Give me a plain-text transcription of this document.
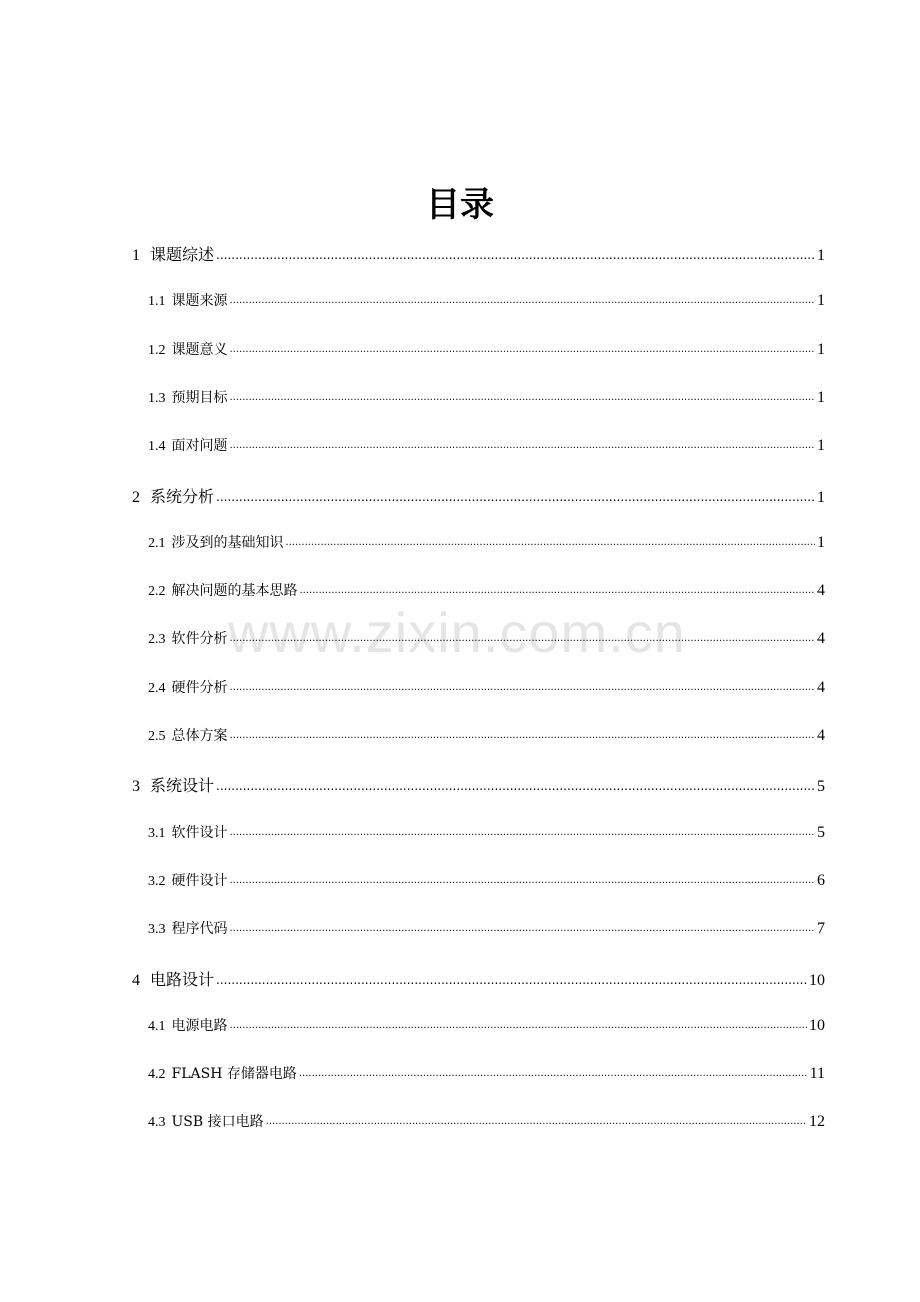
目录
www.zixin.com.cn
1 课题综述 .....	1
1.1 课题来源 .....	1
1.2 课题意义 .....	1
1.3 预期目标 .....	1
1.4 面对问题 .....	1
2 系统分析 .....	1
2.1 涉及到的基础知识 .....	1
2.2 解决问题的基本思路 .....	4
2.3 软件分析 .....	4
2.4 硬件分析 .....	4
2.5 总体方案 .....	4
3 系统设计 .....	5
3.1 软件设计 .....	5
3.2 硬件设计 .....	6
3.3 程序代码 .....	7
4 电路设计 .....	10
4.1 电源电路 .....	10
4.2 FLASH 存储器电路 .....	11
4.3 USB 接口电路 .....	12
